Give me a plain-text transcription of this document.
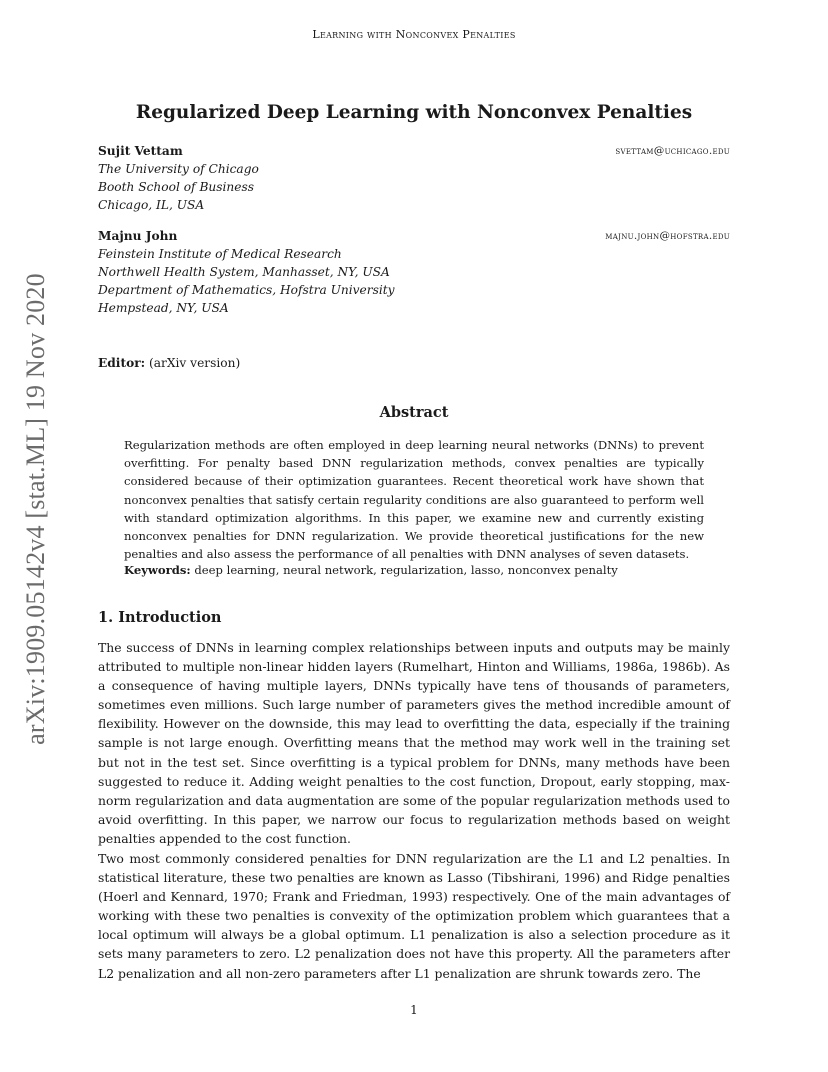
arXiv:1909.05142v4 [stat.ML] 19 Nov 2020
Learning with Nonconvex Penalties
Regularized Deep Learning with Nonconvex Penalties
Sujit Vettam	svettam@uchicago.edu
The University of Chicago
Booth School of Business
Chicago, IL, USA
Majnu John	majnu.john@hofstra.edu
Feinstein Institute of Medical Research
Northwell Health System, Manhasset, NY, USA
Department of Mathematics, Hofstra University
Hempstead, NY, USA
Editor: (arXiv version)
Abstract
Regularization methods are often employed in deep learning neural networks (DNNs) to prevent overfitting. For penalty based DNN regularization methods, convex penalties are typically considered because of their optimization guarantees. Recent theoretical work have shown that nonconvex penalties that satisfy certain regularity conditions are also guaranteed to perform well with standard optimization algorithms. In this paper, we examine new and currently existing nonconvex penalties for DNN regularization. We provide theoretical justifications for the new penalties and also assess the performance of all penalties with DNN analyses of seven datasets.
Keywords: deep learning, neural network, regularization, lasso, nonconvex penalty
1. Introduction
The success of DNNs in learning complex relationships between inputs and outputs may be mainly attributed to multiple non-linear hidden layers (Rumelhart, Hinton and Williams, 1986a, 1986b). As a consequence of having multiple layers, DNNs typically have tens of thousands of parameters, sometimes even millions. Such large number of parameters gives the method incredible amount of flexibility. However on the downside, this may lead to overfitting the data, especially if the training sample is not large enough. Overfitting means that the method may work well in the training set but not in the test set. Since overfitting is a typical problem for DNNs, many methods have been suggested to reduce it. Adding weight penalties to the cost function, Dropout, early stopping, max-norm regularization and data augmentation are some of the popular regularization methods used to avoid overfitting. In this paper, we narrow our focus to regularization methods based on weight penalties appended to the cost function.
Two most commonly considered penalties for DNN regularization are the L1 and L2 penalties. In statistical literature, these two penalties are known as Lasso (Tibshirani, 1996) and Ridge penalties (Hoerl and Kennard, 1970; Frank and Friedman, 1993) respectively. One of the main advantages of working with these two penalties is convexity of the optimization problem which guarantees that a local optimum will always be a global optimum. L1 penalization is also a selection procedure as it sets many parameters to zero. L2 penalization does not have this property. All the parameters after L2 penalization and all non-zero parameters after L1 penalization are shrunk towards zero. The
1
